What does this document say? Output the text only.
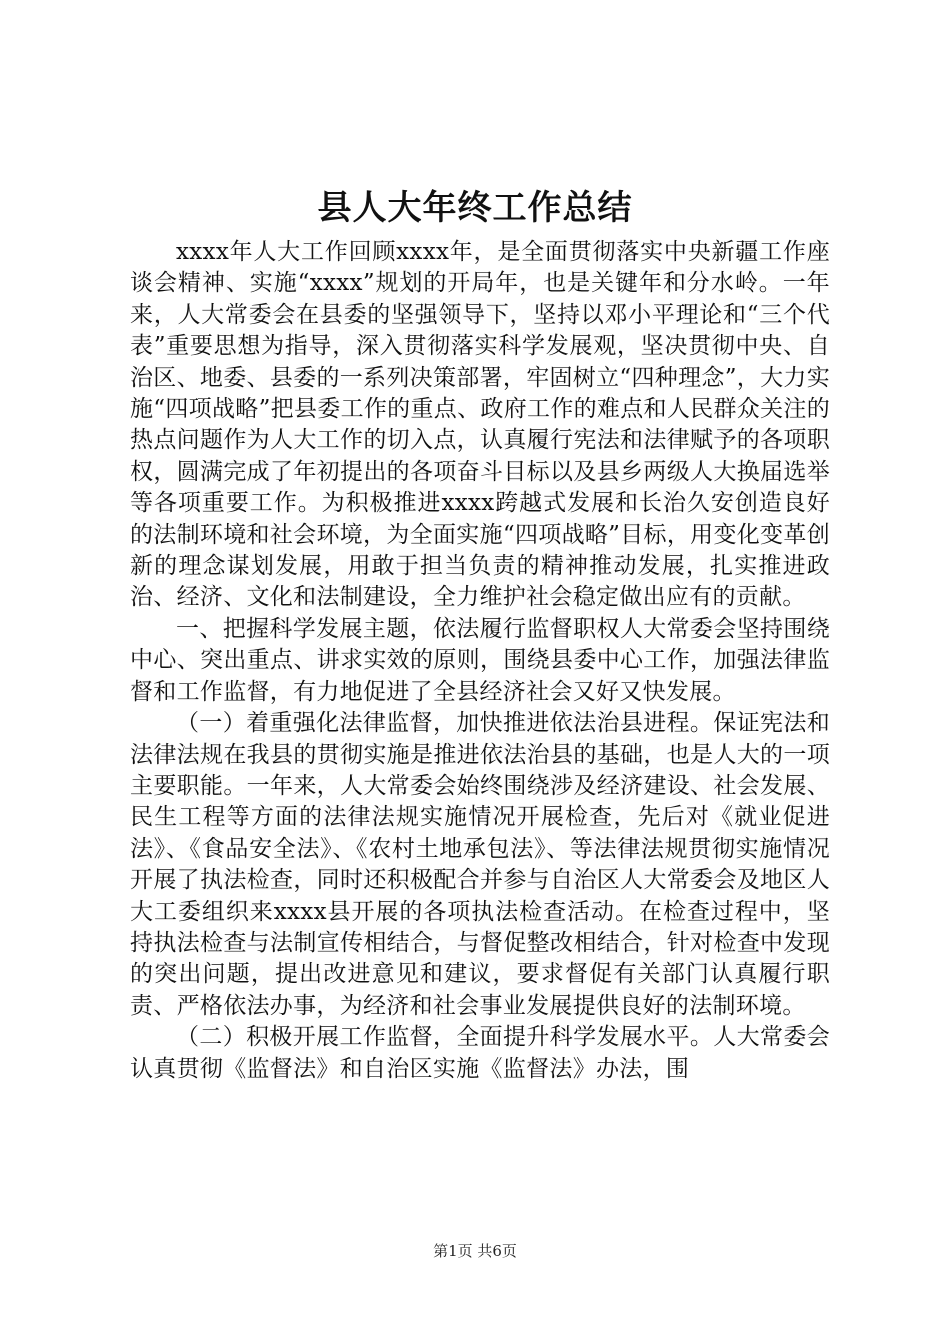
县人大年终工作总结

xxxx年人大工作回顾xxxx年，是全面贯彻落实中央新疆工作座谈会精神、实施“xxxx”规划的开局年，也是关键年和分水岭。一年来，人大常委会在县委的坚强领导下，坚持以邓小平理论和“三个代表”重要思想为指导，深入贯彻落实科学发展观，坚决贯彻中央、自治区、地委、县委的一系列决策部署，牢固树立“四种理念”，大力实施“四项战略”把县委工作的重点、政府工作的难点和人民群众关注的热点问题作为人大工作的切入点，认真履行宪法和法律赋予的各项职权，圆满完成了年初提出的各项奋斗目标以及县乡两级人大换届选举等各项重要工作。为积极推进xxxx跨越式发展和长治久安创造良好的法制环境和社会环境，为全面实施“四项战略”目标，用变化变革创新的理念谋划发展，用敢于担当负责的精神推动发展，扎实推进政治、经济、文化和法制建设，全力维护社会稳定做出应有的贡献。

一、把握科学发展主题，依法履行监督职权人大常委会坚持围绕中心、突出重点、讲求实效的原则，围绕县委中心工作，加强法律监督和工作监督，有力地促进了全县经济社会又好又快发展。

（一）着重强化法律监督，加快推进依法治县进程。保证宪法和法律法规在我县的贯彻实施是推进依法治县的基础，也是人大的一项主要职能。一年来，人大常委会始终围绕涉及经济建设、社会发展、民生工程等方面的法律法规实施情况开展检查，先后对《就业促进法》、《食品安全法》、《农村土地承包法》、等法律法规贯彻实施情况开展了执法检查，同时还积极配合并参与自治区人大常委会及地区人大工委组织来xxxx县开展的各项执法检查活动。在检查过程中，坚持执法检查与法制宣传相结合，与督促整改相结合，针对检查中发现的突出问题，提出改进意见和建议，要求督促有关部门认真履行职责、严格依法办事，为经济和社会事业发展提供良好的法制环境。

（二）积极开展工作监督，全面提升科学发展水平。人大常委会认真贯彻《监督法》和自治区实施《监督法》办法，围

第1页 共6页
